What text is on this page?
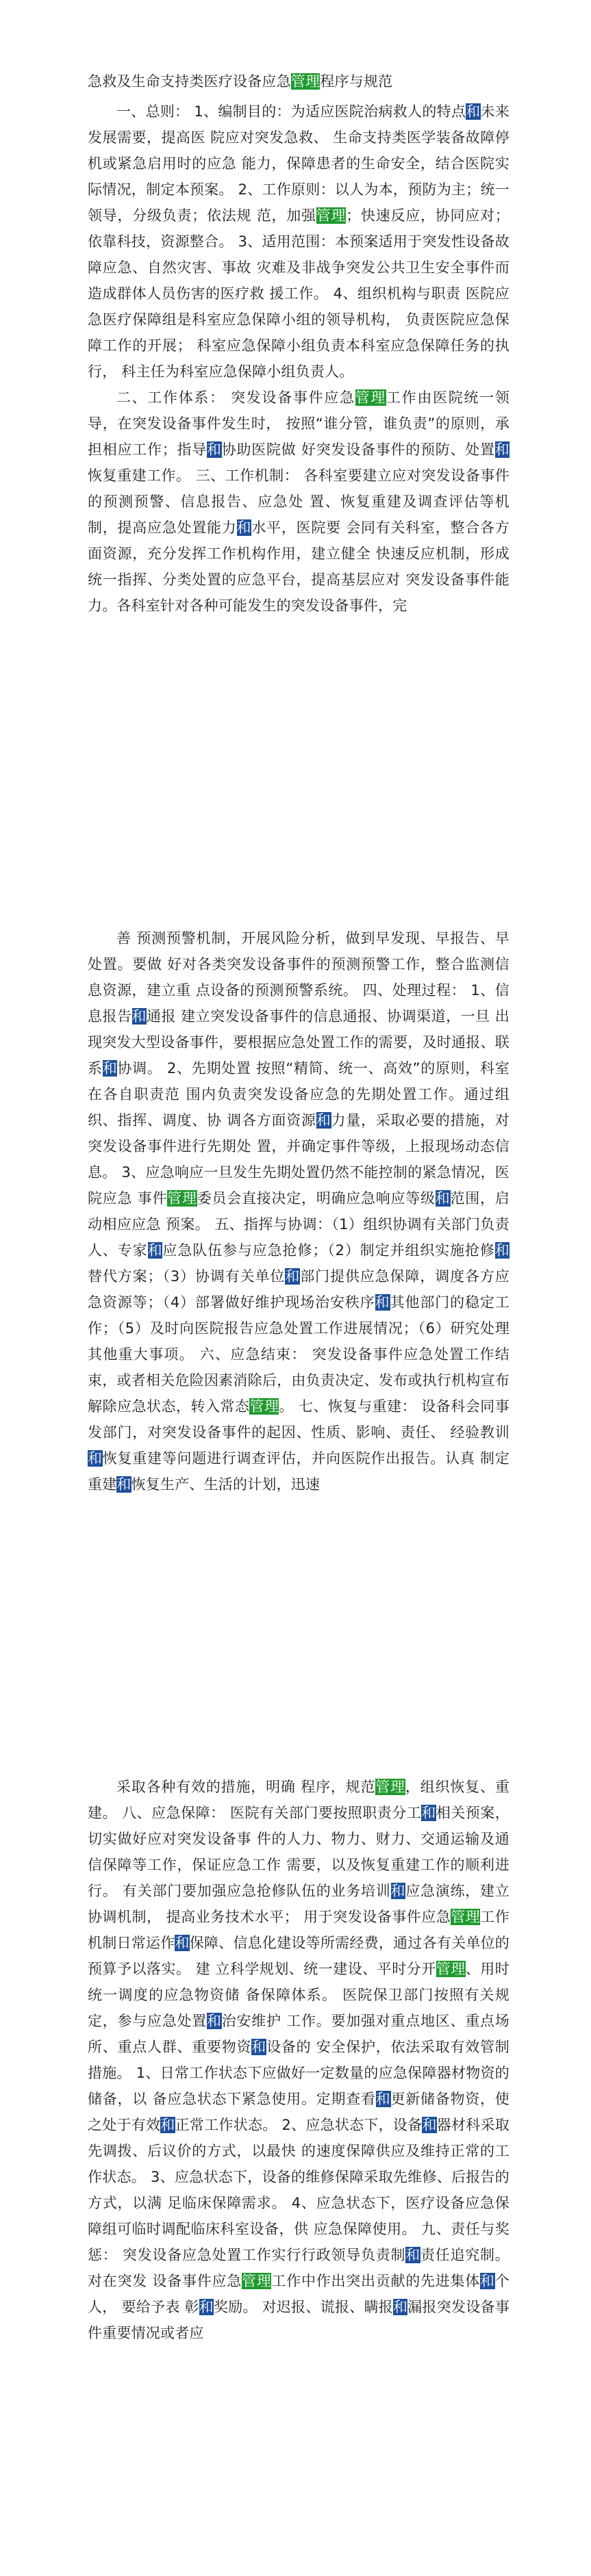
急救及生命支持类医疗设备应急管理程序与规范

一、总则： 1、编制目的：为适应医院治病救人的特点和未来发展需要，提高医 院应对突发急救、 生命支持类医学装备故障停机或紧急启用时的应急 能力，保障患者的生命安全，结合医院实际情况，制定本预案。 2、工作原则：以人为本，预防为主；统一领导，分级负责；依法规 范，加强管理；快速反应，协同应对；依靠科技，资源整合。 3、适用范围：本预案适用于突发性设备故障应急、自然灾害、事故 灾难及非战争突发公共卫生安全事件而造成群体人员伤害的医疗救 援工作。 4、组织机构与职责 医院应急医疗保障组是科室应急保障小组的领导机构， 负责医院应急保障工作的开展； 科室应急保障小组负责本科室应急保障任务的执行， 科主任为科室应急保障小组负责人。

二、工作体系： 突发设备事件应急管理工作由医院统一领导，在突发设备事件发生时， 按照“谁分管，谁负责”的原则，承担相应工作；指导和协助医院做 好突发设备事件的预防、处置和恢复重建工作。 三、工作机制： 各科室要建立应对突发设备事件的预测预警、信息报告、应急处 置、恢复重建及调查评估等机制，提高应急处置能力和水平，医院要 会同有关科室，整合各方面资源，充分发挥工作机构作用，建立健全 快速反应机制，形成统一指挥、分类处置的应急平台，提高基层应对 突发设备事件能力。各科室针对各种可能发生的突发设备事件，完

善 预测预警机制，开展风险分析，做到早发现、早报告、早处置。要做 好对各类突发设备事件的预测预警工作，整合监测信息资源，建立重 点设备的预测预警系统。 四、处理过程： 1、信息报告和通报 建立突发设备事件的信息通报、协调渠道，一旦 出现突发大型设备事件，要根据应急处置工作的需要，及时通报、联 系和协调。 2、先期处置 按照“精简、统一、高效”的原则，科室在各自职责范 围内负责突发设备应急的先期处置工作。通过组织、指挥、调度、协 调各方面资源和力量，采取必要的措施，对突发设备事件进行先期处 置，并确定事件等级，上报现场动态信息。 3、应急响应一旦发生先期处置仍然不能控制的紧急情况，医院应急 事件管理委员会直接决定，明确应急响应等级和范围，启动相应应急 预案。 五、指挥与协调：（1）组织协调有关部门负责人、专家和应急队伍参与应急抢修；（2）制定并组织实施抢修和替代方案；（3）协调有关单位和部门提供应急保障，调度各方应急资源等；（4）部署做好维护现场治安秩序和其他部门的稳定工作；（5）及时向医院报告应急处置工作进展情况；（6）研究处理其他重大事项。 六、应急结束： 突发设备事件应急处置工作结束，或者相关危险因素消除后，由负责决定、发布或执行机构宣布解除应急状态，转入常态管理。 七、恢复与重建： 设备科会同事发部门，对突发设备事件的起因、性质、影响、责任、 经验教训和恢复重建等问题进行调查评估，并向医院作出报告。认真 制定重建和恢复生产、生活的计划，迅速

采取各种有效的措施，明确 程序，规范管理，组织恢复、重建。 八、应急保障： 医院有关部门要按照职责分工和相关预案， 切实做好应对突发设备事 件的人力、物力、财力、交通运输及通信保障等工作，保证应急工作 需要，以及恢复重建工作的顺利进行。 有关部门要加强应急抢修队伍的业务培训和应急演练，建立协调机制， 提高业务技术水平； 用于突发设备事件应急管理工作机制日常运作和保障、信息化建设等所需经费，通过各有关单位的预算予以落实。 建 立科学规划、统一建设、平时分开管理、用时统一调度的应急物资储 备保障体系。 医院保卫部门按照有关规定，参与应急处置和治安维护 工作。要加强对重点地区、重点场所、重点人群、重要物资和设备的 安全保护，依法采取有效管制措施。 1、日常工作状态下应做好一定数量的应急保障器材物资的储备，以 备应急状态下紧急使用。定期查看和更新储备物资，使之处于有效和正常工作状态。 2、应急状态下，设备和器材科采取先调拨、后议价的方式，以最快 的速度保障供应及维持正常的工作状态。 3、应急状态下，设备的维修保障采取先维修、后报告的方式，以满 足临床保障需求。 4、应急状态下，医疗设备应急保障组可临时调配临床科室设备，供 应急保障使用。 九、责任与奖惩： 突发设备应急处置工作实行行政领导负责制和责任追究制。 对在突发 设备事件应急管理工作中作出突出贡献的先进集体和个人， 要给予表 彰和奖励。 对迟报、谎报、瞒报和漏报突发设备事件重要情况或者应
